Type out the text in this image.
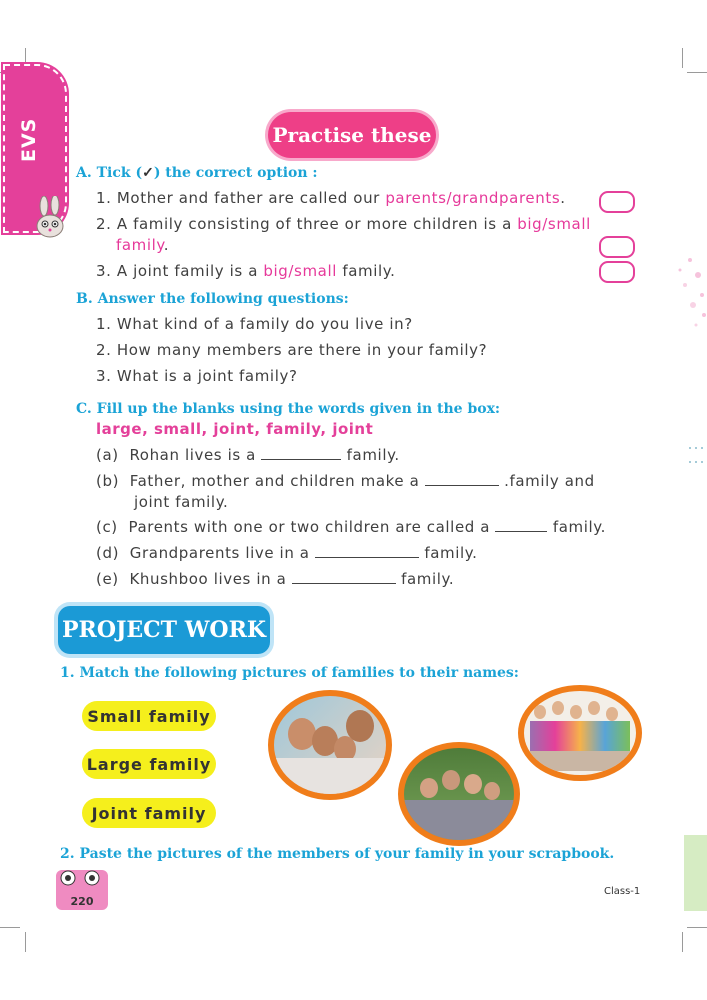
EVS	Practise these
A. Tick (✓) the correct option :
1. Mother and father are called our parents/grandparents.
2. A family consisting of three or more children is a big/small
family.
3. A joint family is a big/small family.
B. Answer the following questions:
1. What kind of a family do you live in?
2. How many members are there in your family?
3. What is a joint family?
C. Fill up the blanks using the words given in the box:
large, small, joint, family, joint
(a) Rohan lives is a	family.
(b) Father, mother and children make a	.family and
joint family.
(c) Parents with one or two children are called a	family.
(d) Grandparents live in a	family.
(e) Khushboo lives in a	family.
PROJECT WORK
1. Match the following pictures of families to their names:
Small family
Large family
Joint family
2. Paste the pictures of the members of your family in your scrapbook.
220
Class-1
